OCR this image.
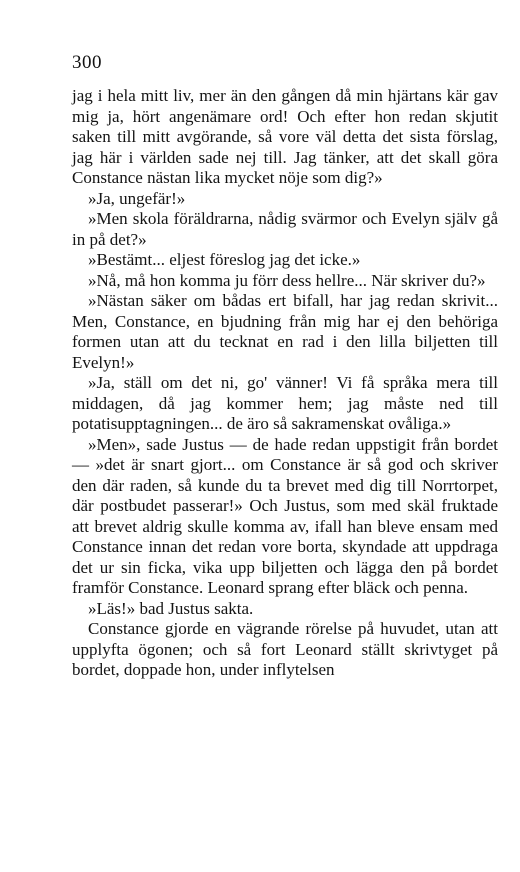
300

jag i hela mitt liv, mer än den gången då min hjärtans kär gav mig ja, hört angenämare ord! Och efter hon redan skjutit saken till mitt avgörande, så vore väl detta det sista förslag, jag här i världen sade nej till. Jag tänker, att det skall göra Constance nästan lika mycket nöje som dig?»

»Ja, ungefär!»

»Men skola föräldrarna, nådig svärmor och Evelyn själv gå in på det?»

»Bestämt... eljest föreslog jag det icke.»

»Nå, må hon komma ju förr dess hellre... När skriver du?»

»Nästan säker om bådas ert bifall, har jag redan skrivit... Men, Constance, en bjudning från mig har ej den behöriga formen utan att du tecknat en rad i den lilla biljetten till Evelyn!»

»Ja, ställ om det ni, go' vänner! Vi få språka mera till middagen, då jag kommer hem; jag måste ned till potatisupptagningen... de äro så sakramenskat ovåliga.»

»Men», sade Justus — de hade redan uppstigit från bordet — »det är snart gjort... om Constance är så god och skriver den där raden, så kunde du ta brevet med dig till Norrtorpet, där postbudet passerar!» Och Justus, som med skäl fruktade att brevet aldrig skulle komma av, ifall han bleve ensam med Constance innan det redan vore borta, skyndade att uppdraga det ur sin ficka, vika upp biljetten och lägga den på bordet framför Constance. Leonard sprang efter bläck och penna.

»Läs!» bad Justus sakta.

Constance gjorde en vägrande rörelse på huvudet, utan att upplyfta ögonen; och så fort Leonard ställt skrivtyget på bordet, doppade hon, under inflytelsen
